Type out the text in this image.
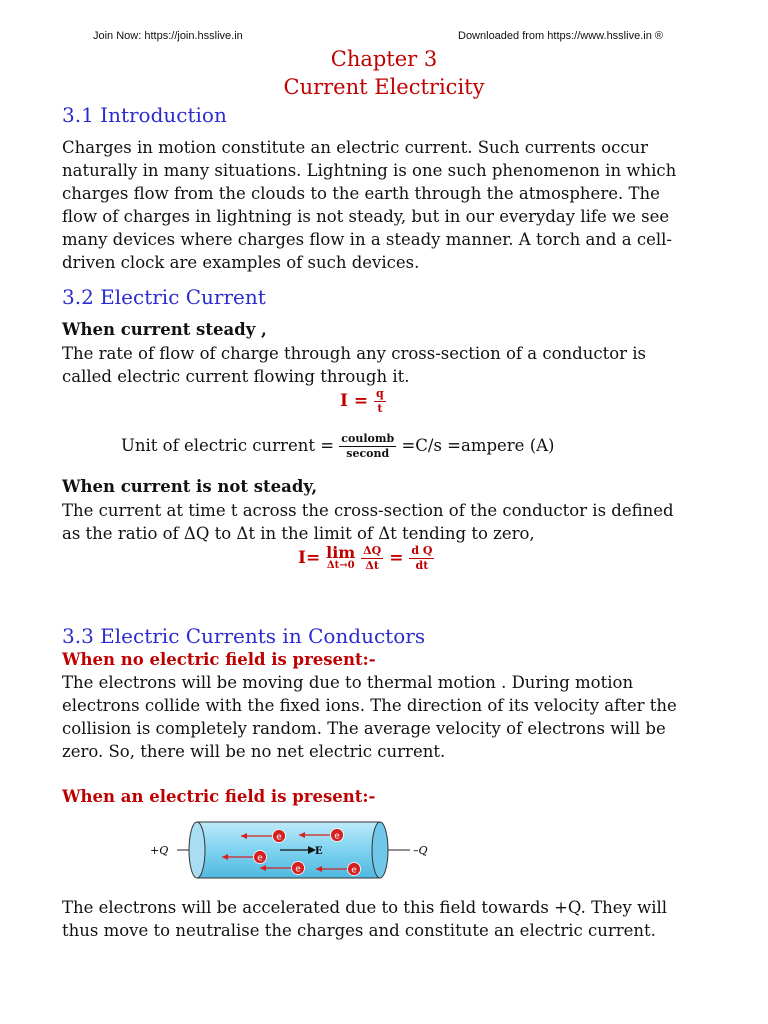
Join Now: https://join.hsslive.in	Downloaded from https://www.hsslive.in ®
Chapter 3
Current Electricity
3.1 Introduction
Charges in motion constitute an electric current. Such currents occur
naturally in many situations. Lightning is one such phenomenon in which
charges flow from the clouds to the earth through the atmosphere. The
flow of charges in lightning is not steady, but in our everyday life we see
many devices where charges flow in a steady manner. A torch and a cell-
driven clock are examples of such devices.
3.2 Electric Current
When current steady ,
The rate of flow of charge through any cross-section of a conductor is
called electric current flowing through it.
$I = \frac{q}{t}$
Unit of electric current = $\frac{\text{coulomb}}{\text{second}} =C/s$ =ampere (A)
When current is not steady,
The current at time t across the cross-section of the conductor is defined
as the ratio of ΔQ to Δt in the limit of Δt tending to zero,
I= lim
Δt→0
$\frac{\Delta Q}{\Delta t} = \frac{\text{d Q}}{dt}$
3.3 Electric Currents in Conductors
When no electric field is present:-
The electrons will be moving due to thermal motion . During motion
electrons collide with the fixed ions. The direction of its velocity after the
collision is completely random. The average velocity of electrons will be
zero. So, there will be no net electric current.
When an electric field is present:-
+Q	–Q
E
e	e
e
e	e
The electrons will be accelerated due to this field towards +Q. They will
thus move to neutralise the charges and constitute an electric current.
